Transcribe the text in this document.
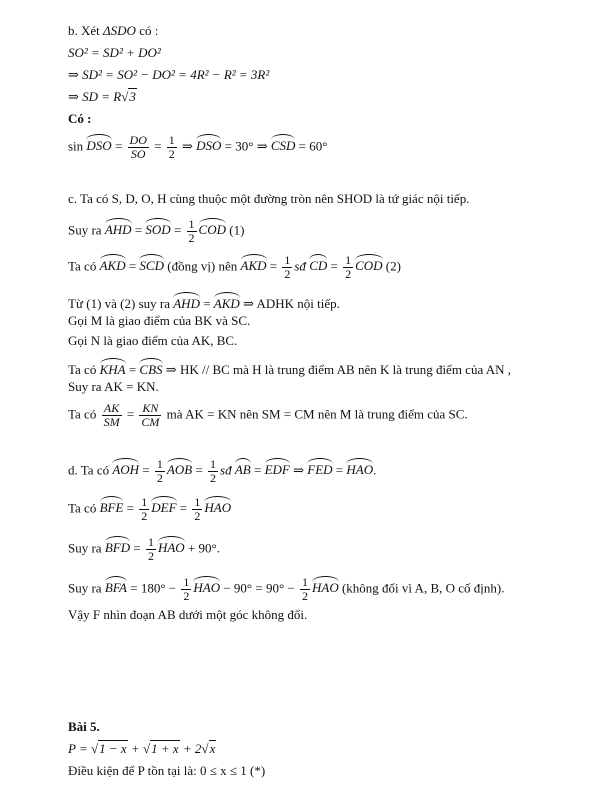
b. Xét ΔSDO có :
SO² = SD² + DO²
⇒ SD² = SO² − DO² = 4R² − R² = 3R²
⇒ SD = R√3
Có :
sin DSO = $\frac{DO}{SO} = \frac{1}{2}$ ⇒ DSO = 30° ⇒ CSD = 60°
c. Ta có S, D, O, H cùng thuộc một đường tròn nên SHOD là tứ giác nội tiếp.
Suy ra AHD = SOD = $\frac{1}{2}$ COD (1)
Ta có AKD = SCD (đồng vị) nên AKD = $\frac{1}{2}$ sđ CD = $\frac{1}{2}$ COD (2)
Từ (1) và (2) suy ra AHD = AKD ⇒ ADHK nội tiếp.
Gọi M là giao điểm của BK và SC.
Gọi N là giao điểm của AK, BC.
Ta có KHA = CBS ⇒ HK // BC mà H là trung điểm AB nên K là trung điểm của AN ,
Suy ra AK = KN.
Ta có $\frac{AK}{SM} = \frac{KN}{CM}$ mà AK = KN nên SM = CM nên M là trung điểm của SC.
d. Ta có AOH = $\frac{1}{2}$ AOB = $\frac{1}{2}$ sđ AB = EDF ⇒ FED = HAO.
Ta có BFE = $\frac{1}{2}$ DEF = $\frac{1}{2}$ HAO
Suy ra BFD = $\frac{1}{2}$ HAO + 90°.
Suy ra BFA = $180^\circ - \frac{1}{2}$ HAO − $90^\circ = 90^\circ - \frac{1}{2}$ HAO (không đổi vì A, B, O cố định).
Vậy F nhìn đoạn AB dưới một góc không đổi.
Bài 5.
P = √1 − x + √1 + x + 2√x
Điều kiện để P tồn tại là: 0 ≤ x ≤ 1 (*)
